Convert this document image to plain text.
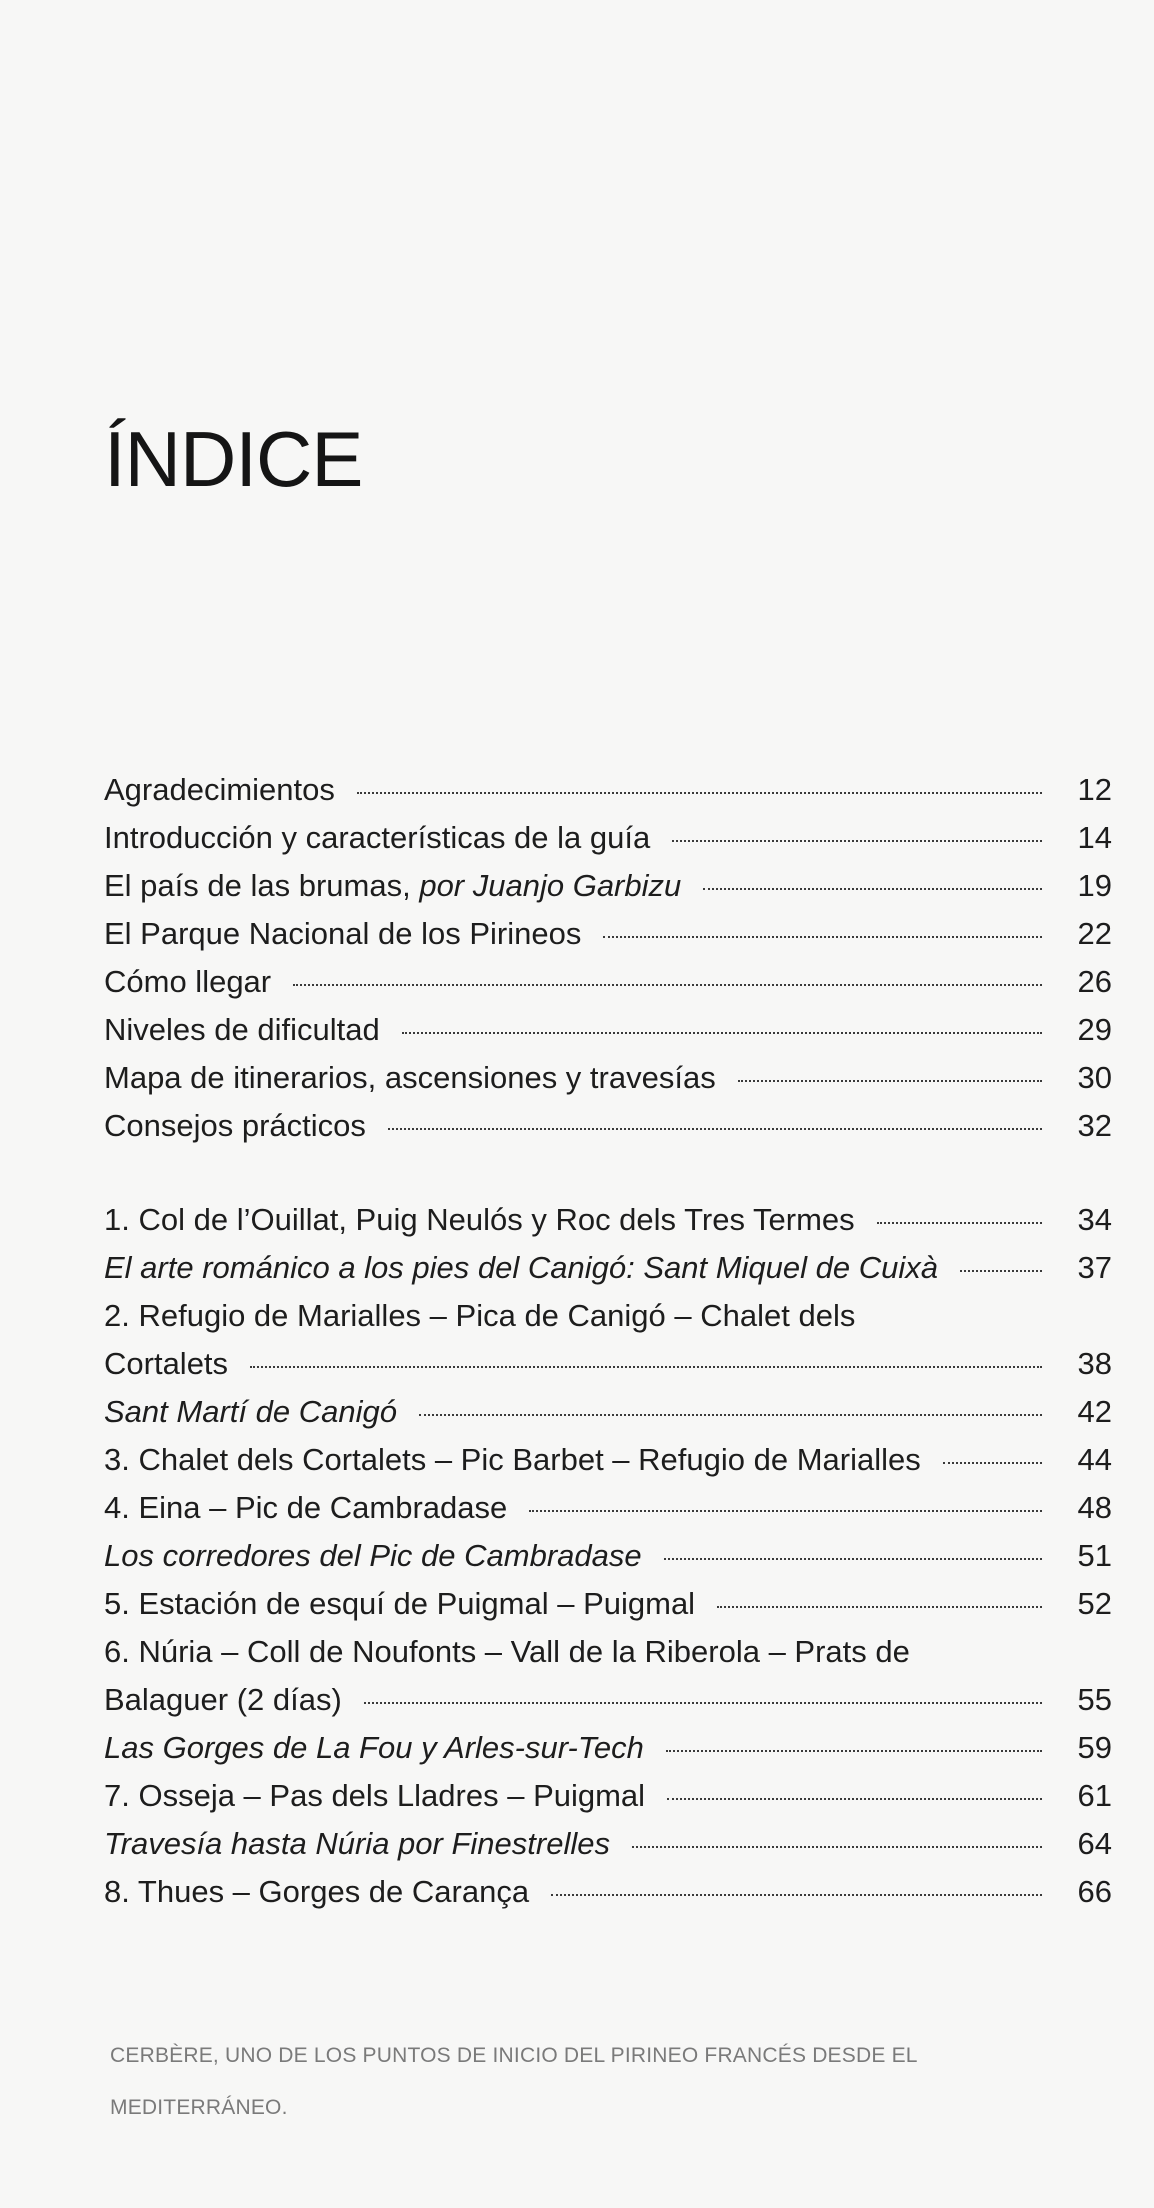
ÍNDICE
Agradecimientos	12
Introducción y características de la guía	14
El país de las brumas, por Juanjo Garbizu	19
El Parque Nacional de los Pirineos	22
Cómo llegar	26
Niveles de dificultad	29
Mapa de itinerarios, ascensiones y travesías	30
Consejos prácticos	32
1. Col de l’Ouillat, Puig Neulós y Roc dels Tres Termes	34
El arte románico a los pies del Canigó: Sant Miquel de Cuixà	37
2. Refugio de Marialles – Pica de Canigó – Chalet dels
Cortalets	38
Sant Martí de Canigó	42
3. Chalet dels Cortalets – Pic Barbet – Refugio de Marialles	44
4. Eina – Pic de Cambradase	48
Los corredores del Pic de Cambradase	51
5. Estación de esquí de Puigmal – Puigmal	52
6. Núria – Coll de Noufonts – Vall de la Riberola – Prats de
Balaguer (2 días)	55
Las Gorges de La Fou y Arles-sur-Tech	59
7. Osseja – Pas dels Lladres – Puigmal	61
Travesía hasta Núria por Finestrelles	64
8. Thues – Gorges de Carança	66
CERBÈRE, UNO DE LOS PUNTOS DE INICIO DEL PIRINEO FRANCÉS DESDE EL
MEDITERRÁNEO.
